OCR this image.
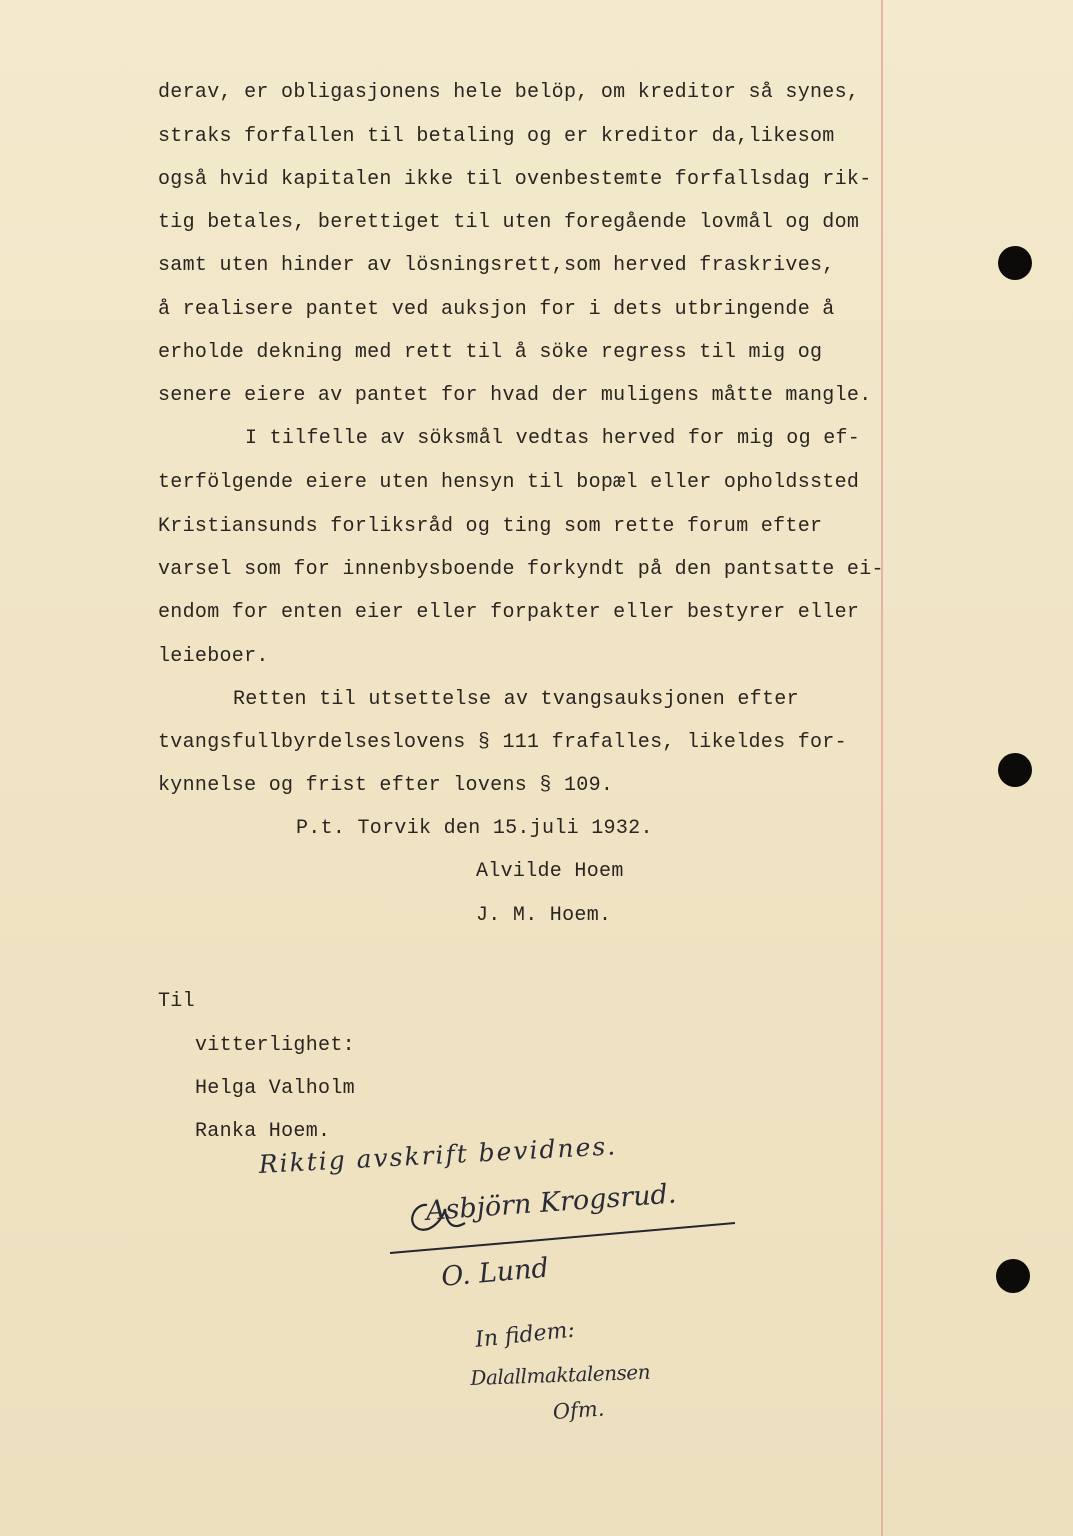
derav, er obligasjonens hele belöp, om kreditor så synes,

straks forfallen til betaling og er kreditor da,likesom

også hvid kapitalen ikke til ovenbestemte forfallsdag rik-

tig betales, berettiget til uten foregående lovmål og dom

samt uten hinder av lösningsrett,som herved fraskrives,

å realisere pantet ved auksjon for i dets utbringende å

erholde dekning med rett til å söke regress til mig og

senere eiere av pantet for hvad der muligens måtte mangle.

I tilfelle av söksmål vedtas herved for mig og ef-

terfölgende eiere uten hensyn til bopæl eller opholdssted

Kristiansunds forliksråd og ting som rette forum efter

varsel som for innenbysboende forkyndt på den pantsatte ei-

endom for enten eier eller forpakter eller bestyrer eller

leieboer.

Retten til utsettelse av tvangsauksjonen efter

tvangsfullbyrdelseslovens § 111 frafalles, likeldes for-

kynnelse og frist efter lovens § 109.

P.t. Torvik den 15.juli 1932.

Alvilde Hoem

J. M. Hoem.

Til

vitterlighet:

Helga Valholm

Ranka Hoem.

Riktig avskrift bevidnes.

Asbjörn Krogsrud.

O. Lund

In fidem:

Dalallmaktalensen

Ofm.
